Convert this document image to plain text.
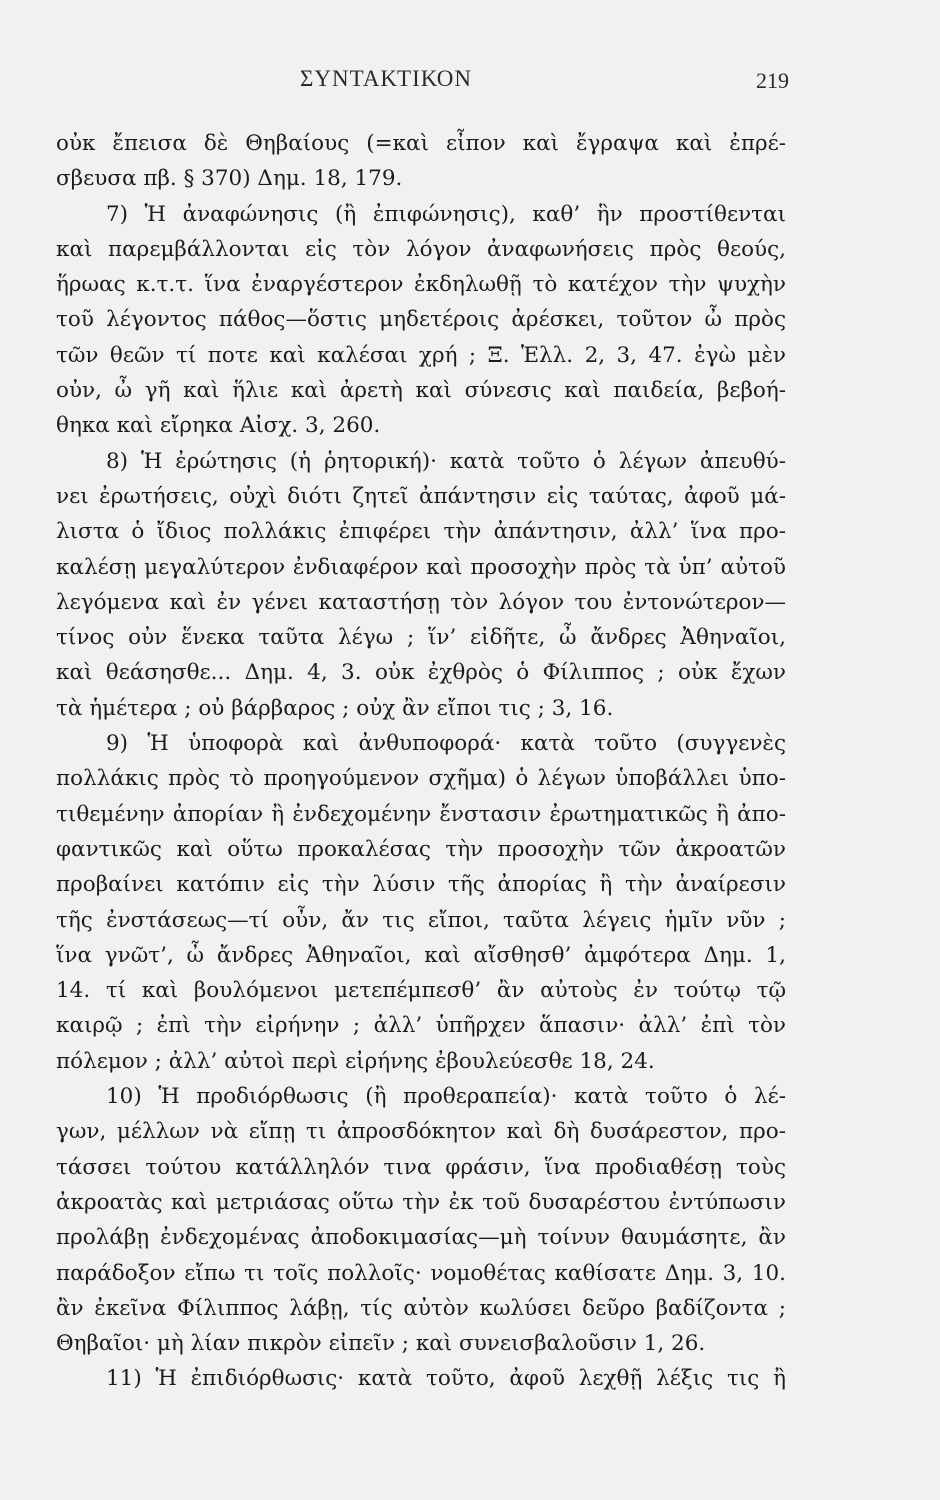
ΣΥΝΤΑΚΤΙΚΟΝ	219
οὐκ ἔπεισα δὲ Θηβαίους (=καὶ εἶπον καὶ ἔγραψα καὶ ἐπρέ-
σβευσα πβ. § 370) Δημ. 18, 179.
7) Ἡ ἀναφώνησις (ἢ ἐπιφώνησις), καθ’ ἣν προστίθενται
καὶ παρεμβάλλονται εἰς τὸν λόγον ἀναφωνήσεις πρὸς θεούς,
ἥρωας κ.τ.τ. ἵνα ἐναργέστερον ἐκδηλωθῇ τὸ κατέχον τὴν ψυχὴν
τοῦ λέγοντος πάθος—ὅστις μηδετέροις ἀρέσκει, τοῦτον ὦ πρὸς
τῶν θεῶν τί ποτε καὶ καλέσαι χρή ; Ξ. Ἑλλ. 2, 3, 47. ἐγὼ μὲν
οὐν, ὦ γῆ καὶ ἥλιε καὶ ἀρετὴ καὶ σύνεσις καὶ παιδεία, βεβοή-
θηκα καὶ εἴρηκα Αἰσχ. 3, 260.
8) Ἡ ἐρώτησις (ἡ ῥητορική)· κατὰ τοῦτο ὁ λέγων ἀπευθύ-
νει ἐρωτήσεις, οὐχὶ διότι ζητεῖ ἀπάντησιν εἰς ταύτας, ἀφοῦ μά-
λιστα ὁ ἴδιος πολλάκις ἐπιφέρει τὴν ἀπάντησιν, ἀλλ’ ἵνα προ-
καλέσῃ μεγαλύτερον ἐνδιαφέρον καὶ προσοχὴν πρὸς τὰ ὑπ’ αὐτοῦ
λεγόμενα καὶ ἐν γένει καταστήσῃ τὸν λόγον του ἐντονώτερον—
τίνος οὐν ἕνεκα ταῦτα λέγω ; ἵν’ εἰδῆτε, ὦ ἄνδρες Ἀθηναῖοι,
καὶ θεάσησθε... Δημ. 4, 3. οὐκ ἐχθρὸς ὁ Φίλιππος ; οὐκ ἔχων
τὰ ἡμέτερα ; οὐ βάρβαρος ; οὐχ ἂν εἴποι τις ; 3, 16.
9) Ἡ ὑποφορὰ καὶ ἀνθυποφορά· κατὰ τοῦτο (συγγενὲς
πολλάκις πρὸς τὸ προηγούμενον σχῆμα) ὁ λέγων ὑποβάλλει ὑπο-
τιθεμένην ἀπορίαν ἢ ἐνδεχομένην ἔνστασιν ἐρωτηματικῶς ἢ ἀπο-
φαντικῶς καὶ οὕτω προκαλέσας τὴν προσοχὴν τῶν ἀκροατῶν
προβαίνει κατόπιν εἰς τὴν λύσιν τῆς ἀπορίας ἢ τὴν ἀναίρεσιν
τῆς ἐνστάσεως—τί οὖν, ἄν τις εἴποι, ταῦτα λέγεις ἡμῖν νῦν ;
ἵνα γνῶτ’, ὦ ἄνδρες Ἀθηναῖοι, καὶ αἴσθησθ’ ἀμφότερα Δημ. 1,
14. τί καὶ βουλόμενοι μετεπέμπεσθ’ ἂν αὐτοὺς ἐν τούτῳ τῷ
καιρῷ ; ἐπὶ τὴν εἰρήνην ; ἀλλ’ ὑπῆρχεν ἅπασιν· ἀλλ’ ἐπὶ τὸν
πόλεμον ; ἀλλ’ αὐτοὶ περὶ εἰρήνης ἐβουλεύεσθε 18, 24.
10) Ἡ προδιόρθωσις (ἢ προθεραπεία)· κατὰ τοῦτο ὁ λέ-
γων, μέλλων νὰ εἴπῃ τι ἀπροσδόκητον καὶ δὴ δυσάρεστον, προ-
τάσσει τούτου κατάλληλόν τινα φράσιν, ἵνα προδιαθέσῃ τοὺς
ἀκροατὰς καὶ μετριάσας οὕτω τὴν ἐκ τοῦ δυσαρέστου ἐντύπωσιν
προλάβῃ ἐνδεχομένας ἀποδοκιμασίας—μὴ τοίνυν θαυμάσητε, ἂν
παράδοξον εἴπω τι τοῖς πολλοῖς· νομοθέτας καθίσατε Δημ. 3, 10.
ἂν ἐκεῖνα Φίλιππος λάβῃ, τίς αὐτὸν κωλύσει δεῦρο βαδίζοντα ;
Θηβαῖοι· μὴ λίαν πικρὸν εἰπεῖν ; καὶ συνεισβαλοῦσιν 1, 26.
11) Ἡ ἐπιδιόρθωσις· κατὰ τοῦτο, ἀφοῦ λεχθῇ λέξις τις ἢ
